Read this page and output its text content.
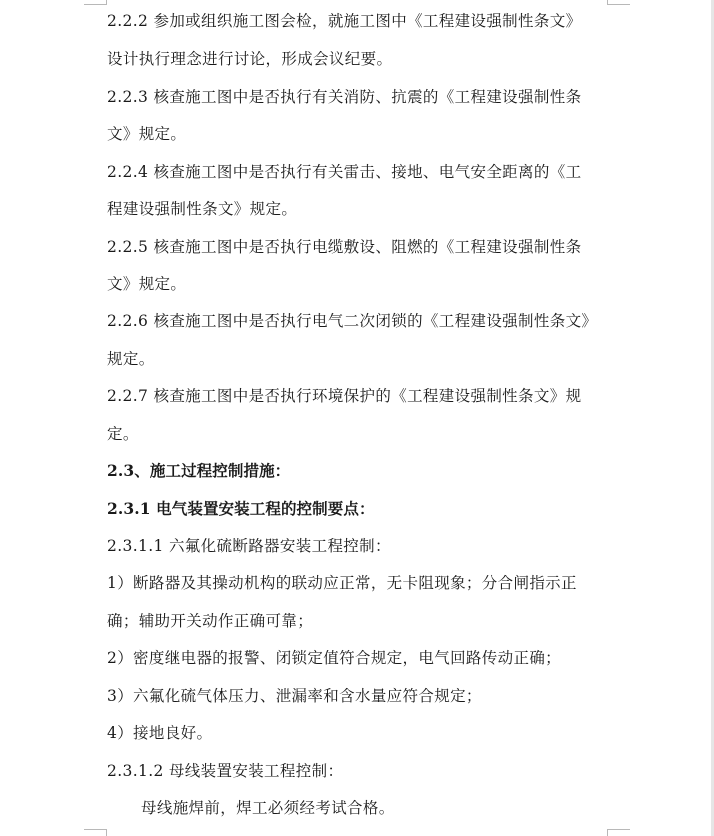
2.2.2 参加或组织施工图会检，就施工图中《工程建设强制性条文》
设计执行理念进行讨论，形成会议纪要。
2.2.3 核查施工图中是否执行有关消防、抗震的《工程建设强制性条
文》规定。
2.2.4 核查施工图中是否执行有关雷击、接地、电气安全距离的《工
程建设强制性条文》规定。
2.2.5 核查施工图中是否执行电缆敷设、阻燃的《工程建设强制性条
文》规定。
2.2.6 核查施工图中是否执行电气二次闭锁的《工程建设强制性条文》
规定。
2.2.7 核查施工图中是否执行环境保护的《工程建设强制性条文》规
定。
2.3、施工过程控制措施：
2.3.1 电气装置安装工程的控制要点：
2.3.1.1 六氟化硫断路器安装工程控制：
1）断路器及其操动机构的联动应正常，无卡阻现象；分合闸指示正
确；辅助开关动作正确可靠；
2）密度继电器的报警、闭锁定值符合规定，电气回路传动正确；
3）六氟化硫气体压力、泄漏率和含水量应符合规定；
4）接地良好。
2.3.1.2 母线装置安装工程控制：
母线施焊前，焊工必须经考试合格。
